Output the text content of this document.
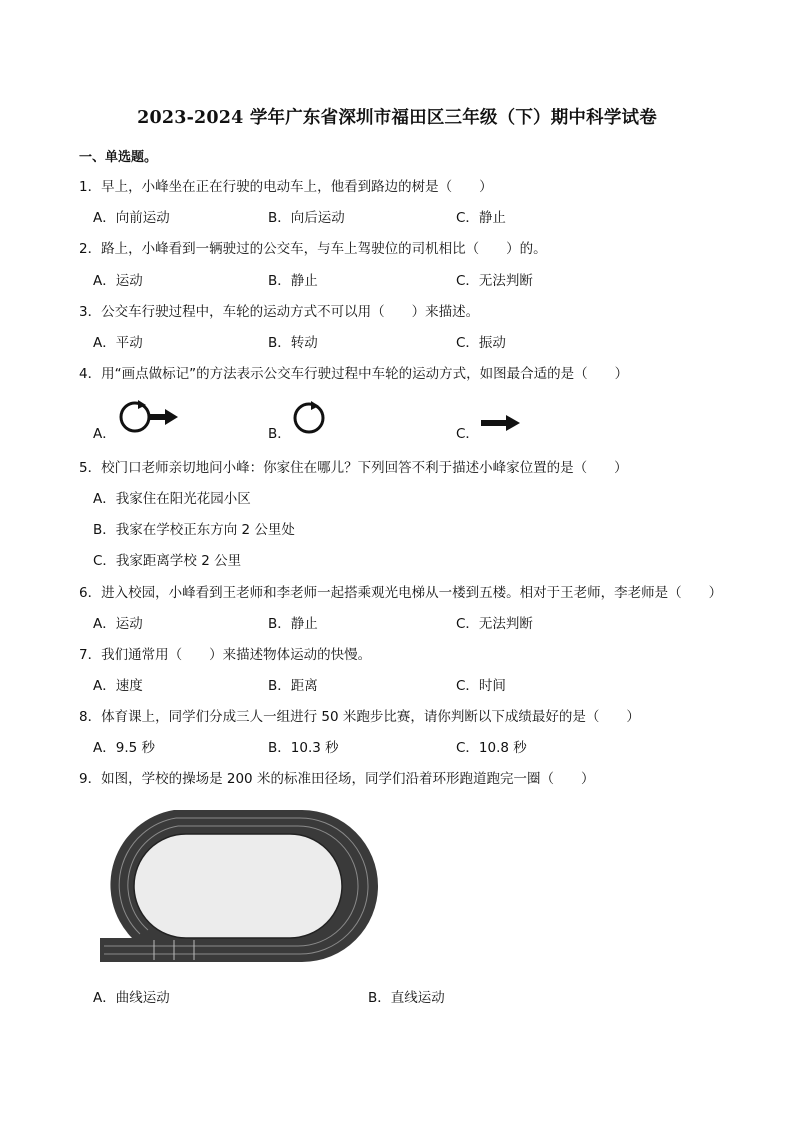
2023-2024 学年广东省深圳市福田区三年级（下）期中科学试卷
一、单选题。
1．早上，小峰坐在正在行驶的电动车上，他看到路边的树是（　　）
A．向前运动	B．向后运动	C．静止
2．路上，小峰看到一辆驶过的公交车，与车上驾驶位的司机相比（　　）的。
A．运动	B．静止	C．无法判断
3．公交车行驶过程中，车轮的运动方式不可以用（　　）来描述。
A．平动	B．转动	C．振动
4．用“画点做标记”的方法表示公交车行驶过程中车轮的运动方式，如图最合适的是（　　）
A．	B．	C．
5．校门口老师亲切地问小峰：你家住在哪儿？下列回答不利于描述小峰家位置的是（　　）
A．我家住在阳光花园小区
B．我家在学校正东方向 2 公里处
C．我家距离学校 2 公里
6．进入校园，小峰看到王老师和李老师一起搭乘观光电梯从一楼到五楼。相对于王老师，李老师是（　　）
A．运动	B．静止	C．无法判断
7．我们通常用（　　）来描述物体运动的快慢。
A．速度	B．距离	C．时间
8．体育课上，同学们分成三人一组进行 50 米跑步比赛，请你判断以下成绩最好的是（　　）
A．9.5 秒	B．10.3 秒	C．10.8 秒
9．如图，学校的操场是 200 米的标准田径场，同学们沿着环形跑道跑完一圈（　　）
A．曲线运动	B．直线运动
